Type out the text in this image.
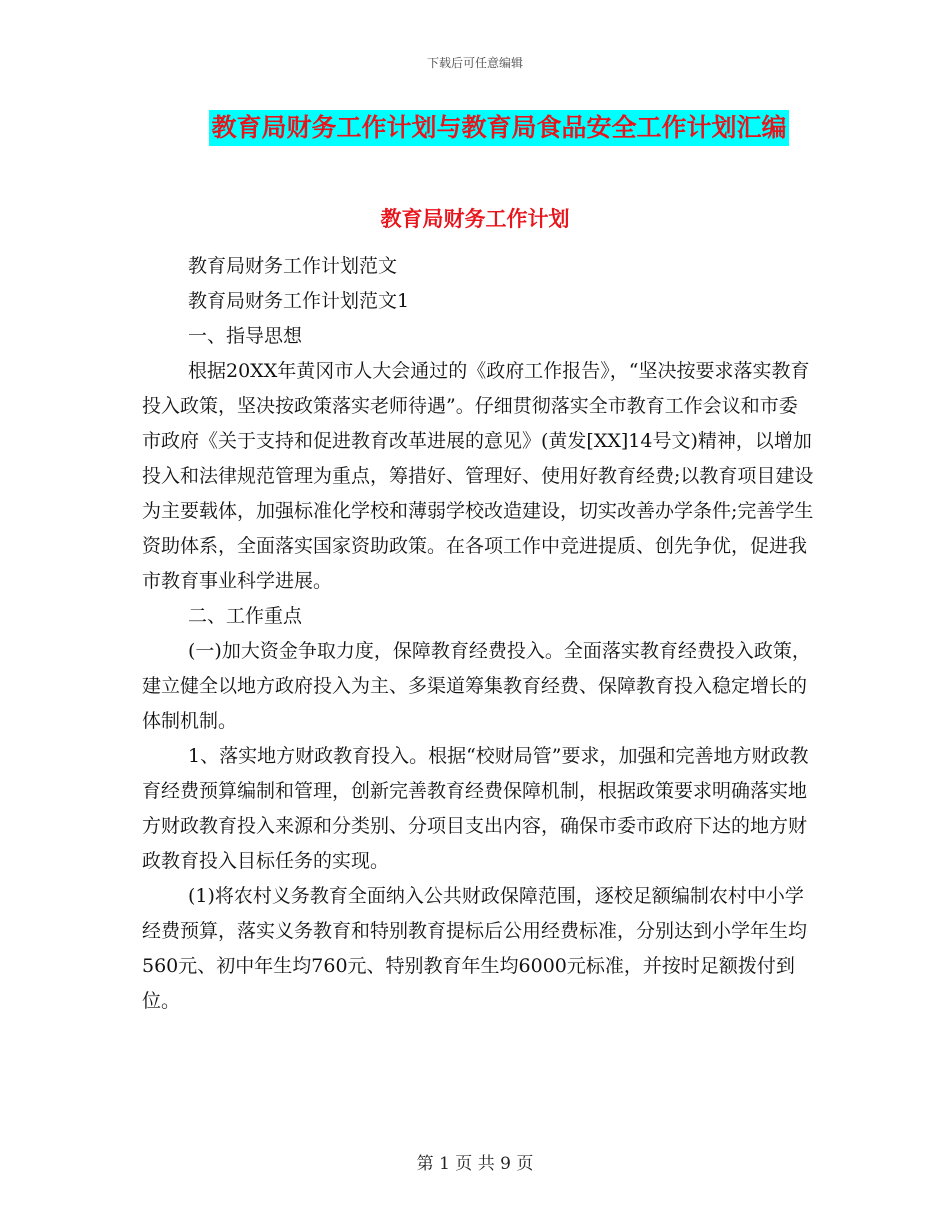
下载后可任意编辑
教育局财务工作计划与教育局食品安全工作计划汇编
教育局财务工作计划

教育局财务工作计划范文

教育局财务工作计划范文1

一、指导思想

根据20XX年黄冈市人大会通过的《政府工作报告》，“坚决按要求落实教育投入政策，坚决按政策落实老师待遇”。仔细贯彻落实全市教育工作会议和市委市政府《关于支持和促进教育改革进展的意见》(黄发[XX]14号文)精神，以增加投入和法律规范管理为重点，筹措好、管理好、使用好教育经费;以教育项目建设为主要载体，加强标准化学校和薄弱学校改造建设，切实改善办学条件;完善学生资助体系，全面落实国家资助政策。在各项工作中竞进提质、创先争优，促进我市教育事业科学进展。

二、工作重点

(一)加大资金争取力度，保障教育经费投入。全面落实教育经费投入政策，建立健全以地方政府投入为主、多渠道筹集教育经费、保障教育投入稳定增长的体制机制。

1、落实地方财政教育投入。根据“校财局管”要求，加强和完善地方财政教育经费预算编制和管理，创新完善教育经费保障机制，根据政策要求明确落实地方财政教育投入来源和分类别、分项目支出内容，确保市委市政府下达的地方财政教育投入目标任务的实现。

(1)将农村义务教育全面纳入公共财政保障范围，逐校足额编制农村中小学经费预算，落实义务教育和特别教育提标后公用经费标准，分别达到小学年生均560元、初中年生均760元、特别教育年生均6000元标准，并按时足额拨付到位。

第 1 页 共 9 页
